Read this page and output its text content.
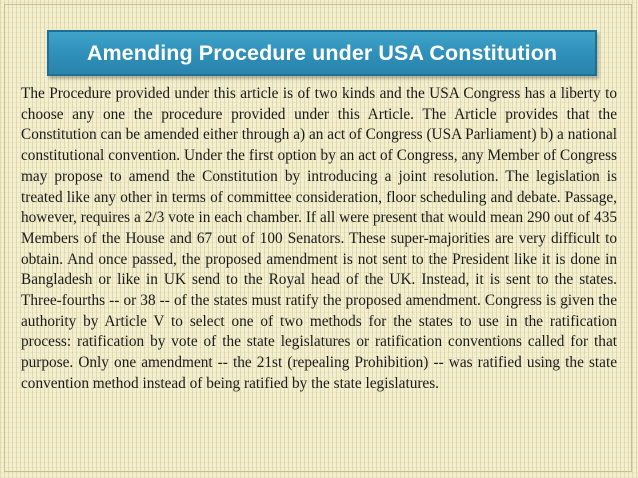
Amending Procedure under USA Constitution

The Procedure provided under this article is of two kinds and the USA Congress has a liberty to choose any one the procedure provided under this Article. The Article provides that the Constitution can be amended either through a) an act of Congress (USA Parliament) b) a national constitutional convention. Under the first option by an act of Congress, any Member of Congress may propose to amend the Constitution by introducing a joint resolution. The legislation is treated like any other in terms of committee consideration, floor scheduling and debate. Passage, however, requires a 2/3 vote in each chamber. If all were present that would mean 290 out of 435 Members of the House and 67 out of 100 Senators. These super-majorities are very difficult to obtain. And once passed, the proposed amendment is not sent to the President like it is done in Bangladesh or like in UK send to the Royal head of the UK. Instead, it is sent to the states. Three-fourths -- or 38 -- of the states must ratify the proposed amendment. Congress is given the authority by Article V to select one of two methods for the states to use in the ratification process: ratification by vote of the state legislatures or ratification conventions called for that purpose. Only one amendment -- the 21st (repealing Prohibition) -- was ratified using the state convention method instead of being ratified by the state legislatures.
